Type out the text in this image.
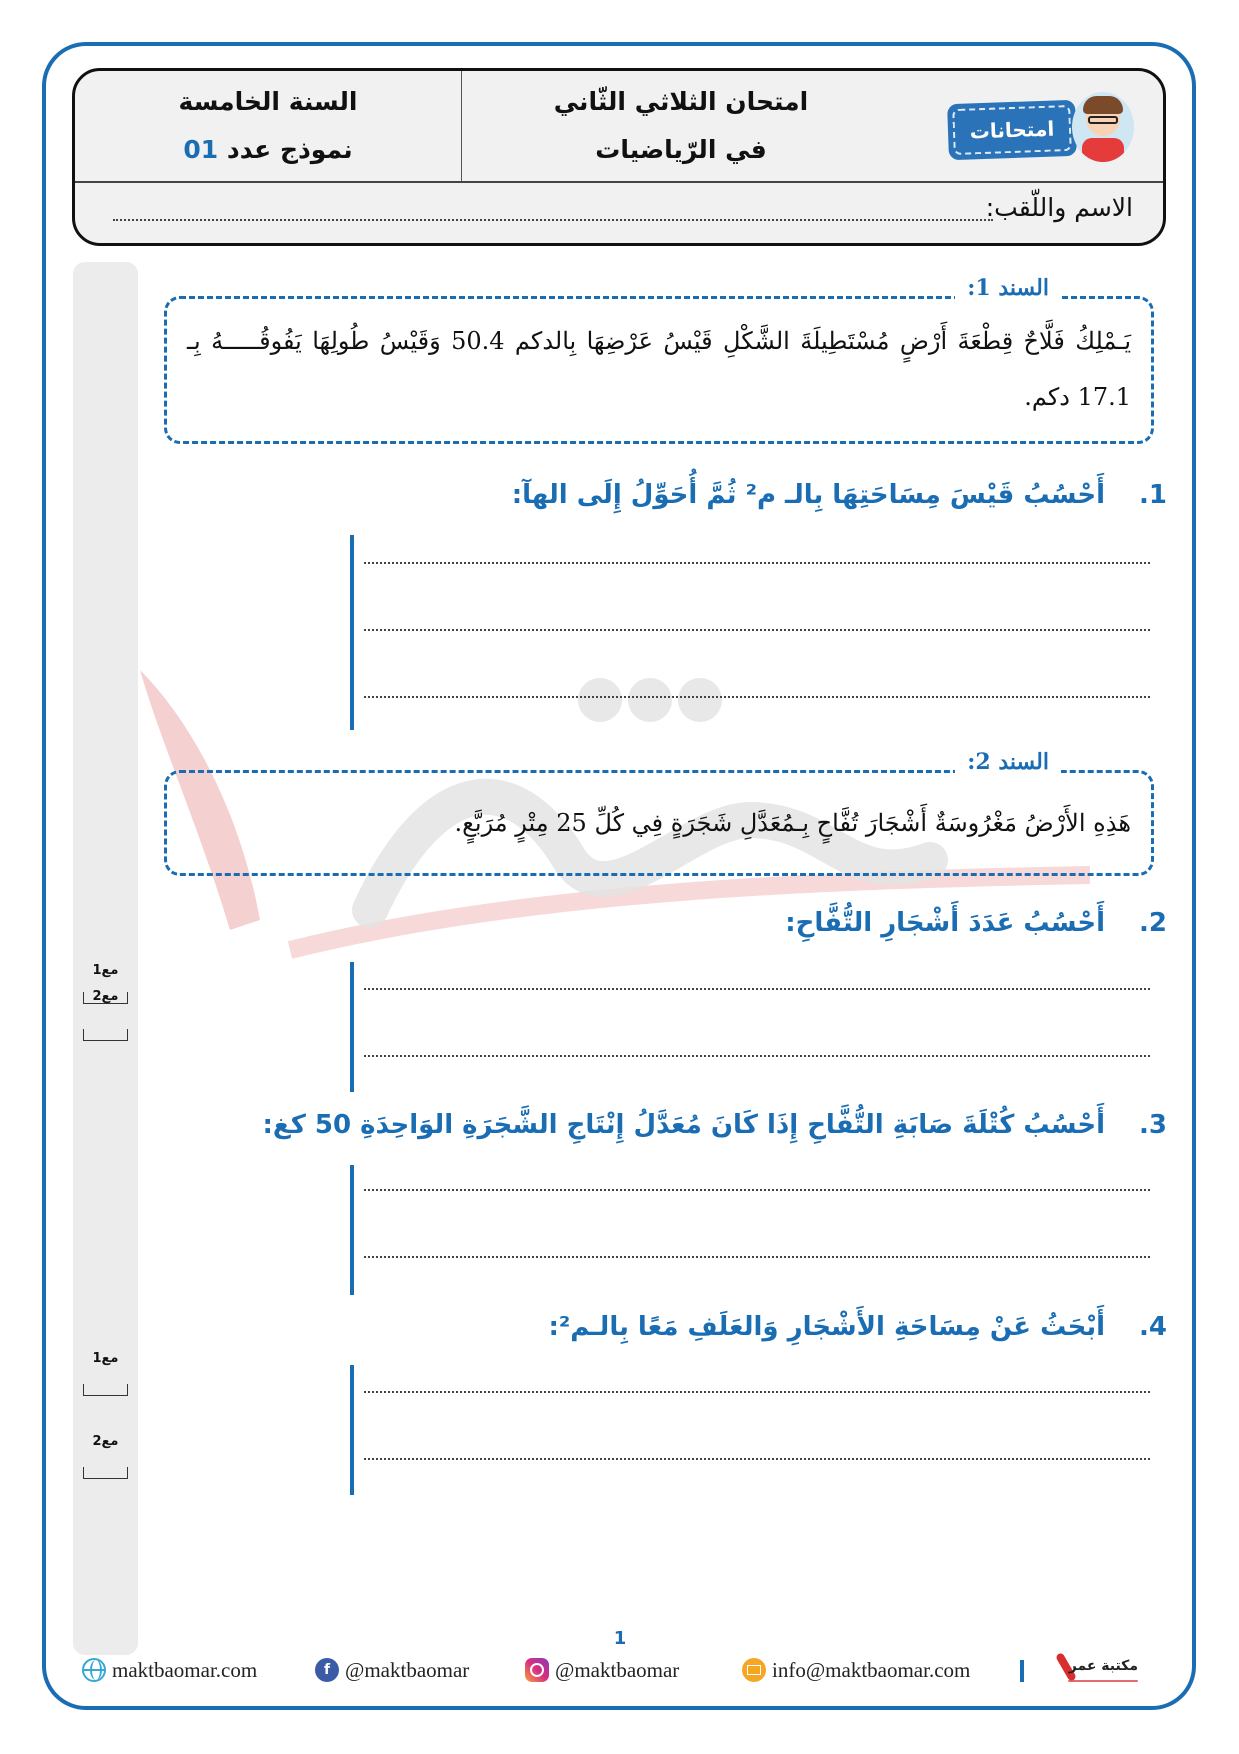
السنة الخامسة
نموذج عدد 01
امتحان الثلاثي الثّاني
في الرّياضيات
امتحانات
الاسم واللّقب:
مع1
مع2
مع1
مع2
السند 1:
يَـمْلِكُ فَلَّاحٌ قِطْعَةَ أَرْضٍ مُسْتَطِيلَةَ الشَّكْلِ قَيْسُ عَرْضِهَا بِالدكم 50.4 وَقَيْسُ طُولِهَا يَفُوقُـــــهُ بِـ 17.1 دكم.
1.أَحْسُبُ قَيْسَ مِسَاحَتِهَا بِالـ م² ثُمَّ أُحَوِّلُ إِلَى الهآ:
السند 2:
هَذِهِ الأَرْضُ مَغْرُوسَةٌ أَشْجَارَ تُفَّاحٍ بِـمُعَدَّلِ شَجَرَةٍ فِي كُلِّ 25 مِتْرٍ مُرَبَّعٍ.
2.أَحْسُبُ عَدَدَ أَشْجَارِ التُّفَّاحِ:
3.أَحْسُبُ كُتْلَةَ صَابَةِ التُّفَّاحِ إِذَا كَانَ مُعَدَّلُ إِنْتَاجِ الشَّجَرَةِ الوَاحِدَةِ 50 كغ:
4.أَبْحَثُ عَنْ مِسَاحَةِ الأَشْجَارِ وَالعَلَفِ مَعًا بِالـم²:
1
maktbaomar.com	f @maktbaomar	@maktbaomar	info@maktbaomar.com	مكتبة عمر
